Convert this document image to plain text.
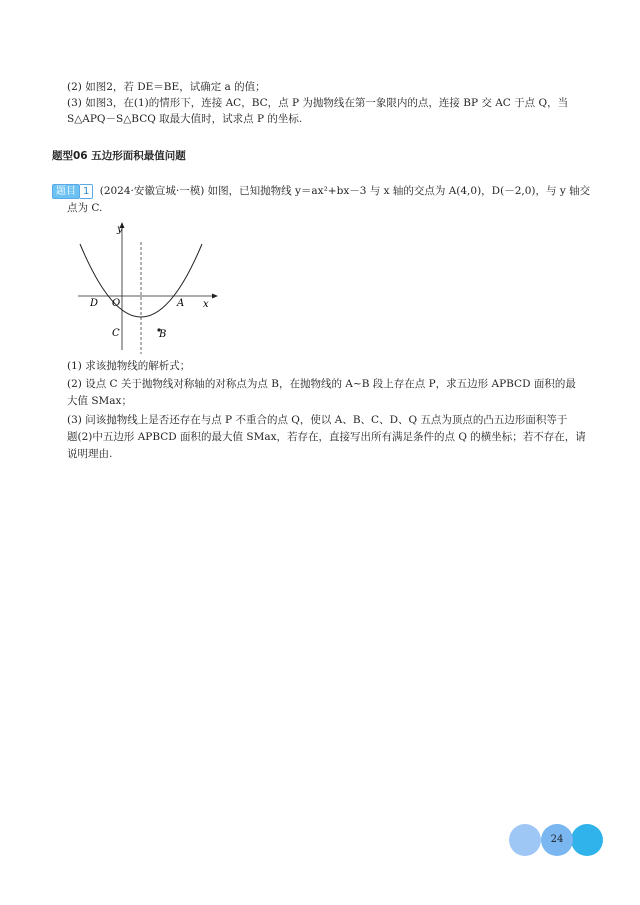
(2) 如图2，若 DE＝BE，试确定 a 的值；
(3) 如图3，在(1)的情形下，连接 AC，BC，点 P 为抛物线在第一象限内的点，连接 BP 交 AC 于点 Q，当
S△APQ－S△BCQ 取最大值时，试求点 P 的坐标.
题型06 五边形面积最值问题
题目 1 (2024·安徽宣城·一模) 如图，已知抛物线 y＝ax²+bx－3 与 x 轴的交点为 A(4,0)，D(－2,0)，与 y 轴交
点为 C.
y
x
D O	A
C	B
(1) 求该抛物线的解析式；
(2) 设点 C 关于抛物线对称轴的对称点为点 B，在抛物线的 A~B 段上存在点 P，求五边形 APBCD 面积的最
大值 SMax；
(3) 问该抛物线上是否还存在与点 P 不重合的点 Q，使以 A、B、C、D、Q 五点为顶点的凸五边形面积等于
题(2)中五边形 APBCD 面积的最大值 SMax，若存在，直接写出所有满足条件的点 Q 的横坐标；若不存在，请
说明理由.
24
